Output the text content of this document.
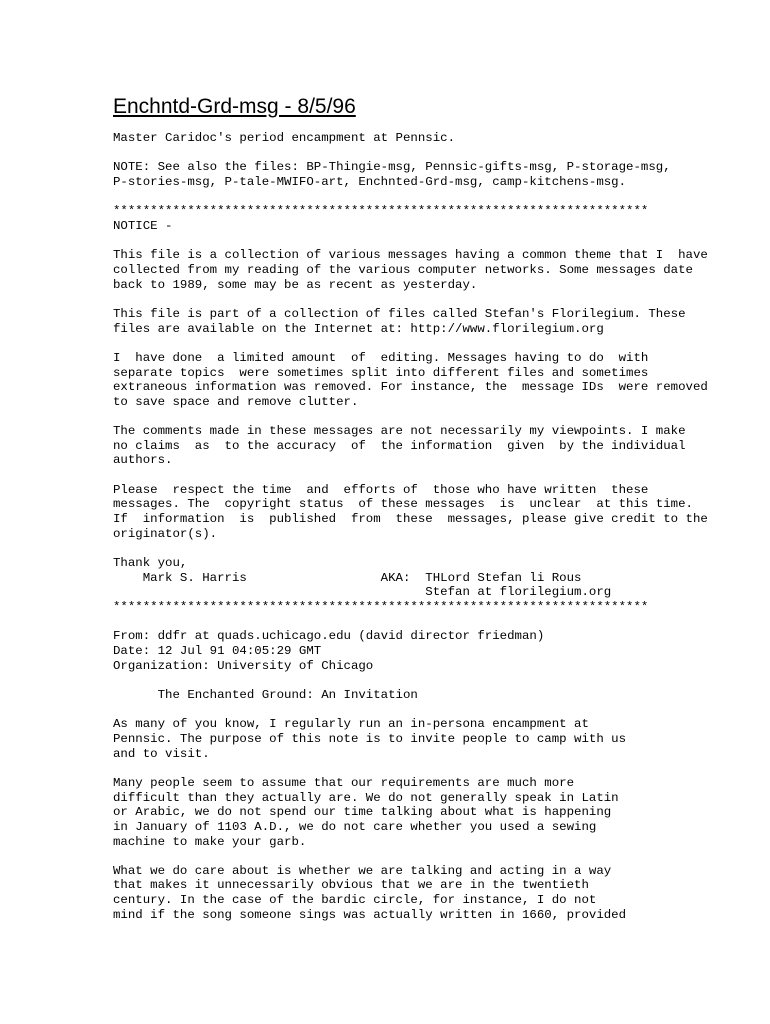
Enchntd-Grd-msg - 8/5/96
Master Caridoc's period encampment at Pennsic.

NOTE: See also the files: BP-Thingie-msg, Pennsic-gifts-msg, P-storage-msg,
P-stories-msg, P-tale-MWIFO-art, Enchnted-Grd-msg, camp-kitchens-msg.

************************************************************************
NOTICE -

This file is a collection of various messages having a common theme that I  have
collected from my reading of the various computer networks. Some messages date
back to 1989, some may be as recent as yesterday.

This file is part of a collection of files called Stefan's Florilegium. These
files are available on the Internet at: http://www.florilegium.org

I  have done  a limited amount  of  editing. Messages having to do  with
separate topics  were sometimes split into different files and sometimes
extraneous information was removed. For instance, the  message IDs  were removed
to save space and remove clutter.

The comments made in these messages are not necessarily my viewpoints. I make
no claims  as  to the accuracy  of  the information  given  by the individual
authors.

Please  respect the time  and  efforts of  those who have written  these
messages. The  copyright status  of these messages  is  unclear  at this time.
If  information  is  published  from  these  messages, please give credit to the
originator(s).

Thank you,
Mark S. Harris                  AKA:  THLord Stefan li Rous
Stefan at florilegium.org
************************************************************************

From: ddfr at quads.uchicago.edu (david director friedman)
Date: 12 Jul 91 04:05:29 GMT
Organization: University of Chicago

The Enchanted Ground: An Invitation

As many of you know, I regularly run an in-persona encampment at
Pennsic. The purpose of this note is to invite people to camp with us
and to visit.

Many people seem to assume that our requirements are much more
difficult than they actually are. We do not generally speak in Latin
or Arabic, we do not spend our time talking about what is happening
in January of 1103 A.D., we do not care whether you used a sewing
machine to make your garb.

What we do care about is whether we are talking and acting in a way
that makes it unnecessarily obvious that we are in the twentieth
century. In the case of the bardic circle, for instance, I do not
mind if the song someone sings was actually written in 1660, provided
